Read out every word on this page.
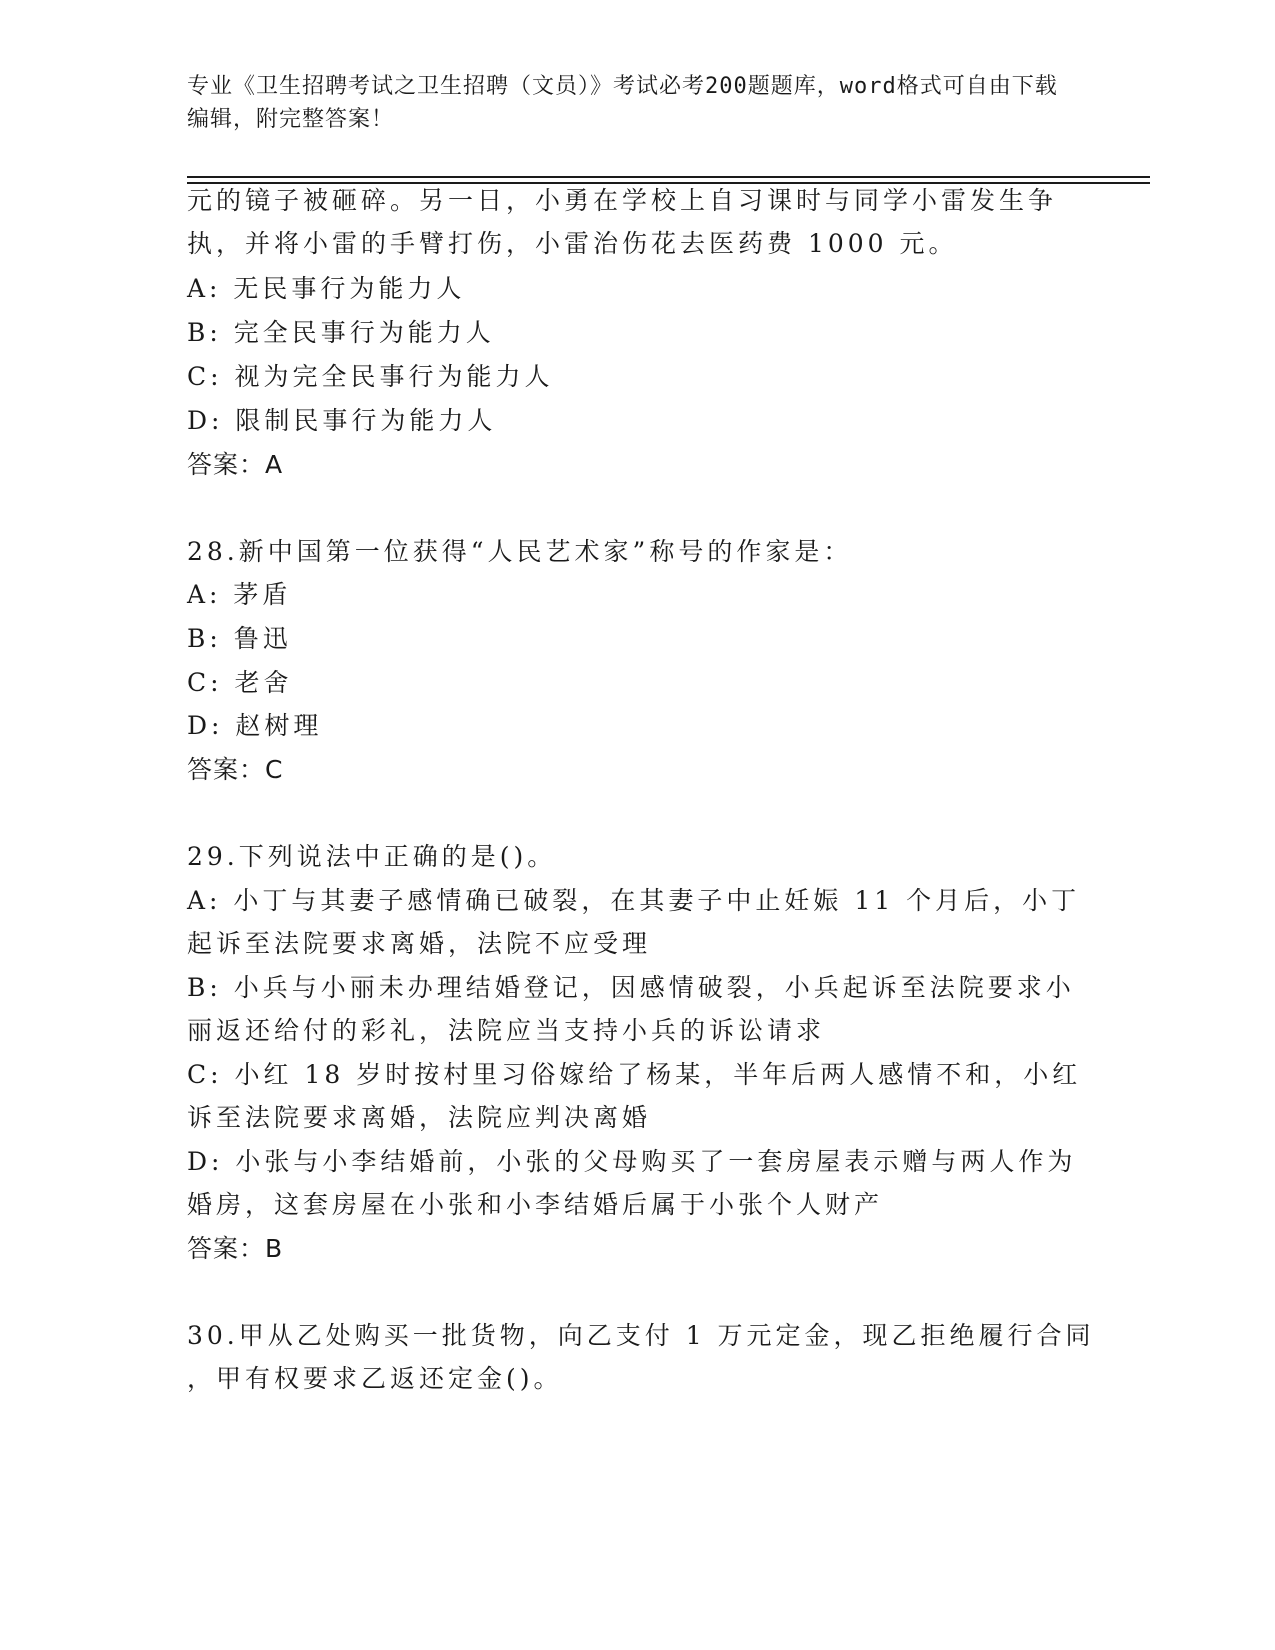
专业《卫生招聘考试之卫生招聘（文员）》考试必考200题题库，word格式可自由下载编辑，附完整答案！
元的镜子被砸碎。另一日，小勇在学校上自习课时与同学小雷发生争
执，并将小雷的手臂打伤，小雷治伤花去医药费 1000 元。
A: 无民事行为能力人
B: 完全民事行为能力人
C: 视为完全民事行为能力人
D: 限制民事行为能力人
答案：A
28.新中国第一位获得“人民艺术家”称号的作家是：
A: 茅盾
B: 鲁迅
C: 老舍
D: 赵树理
答案：C
29.下列说法中正确的是()。
A: 小丁与其妻子感情确已破裂，在其妻子中止妊娠 11 个月后，小丁
起诉至法院要求离婚，法院不应受理
B: 小兵与小丽未办理结婚登记，因感情破裂，小兵起诉至法院要求小
丽返还给付的彩礼，法院应当支持小兵的诉讼请求
C: 小红 18 岁时按村里习俗嫁给了杨某，半年后两人感情不和，小红
诉至法院要求离婚，法院应判决离婚
D: 小张与小李结婚前，小张的父母购买了一套房屋表示赠与两人作为
婚房，这套房屋在小张和小李结婚后属于小张个人财产
答案：B
30.甲从乙处购买一批货物，向乙支付 1 万元定金，现乙拒绝履行合同
，甲有权要求乙返还定金()。
